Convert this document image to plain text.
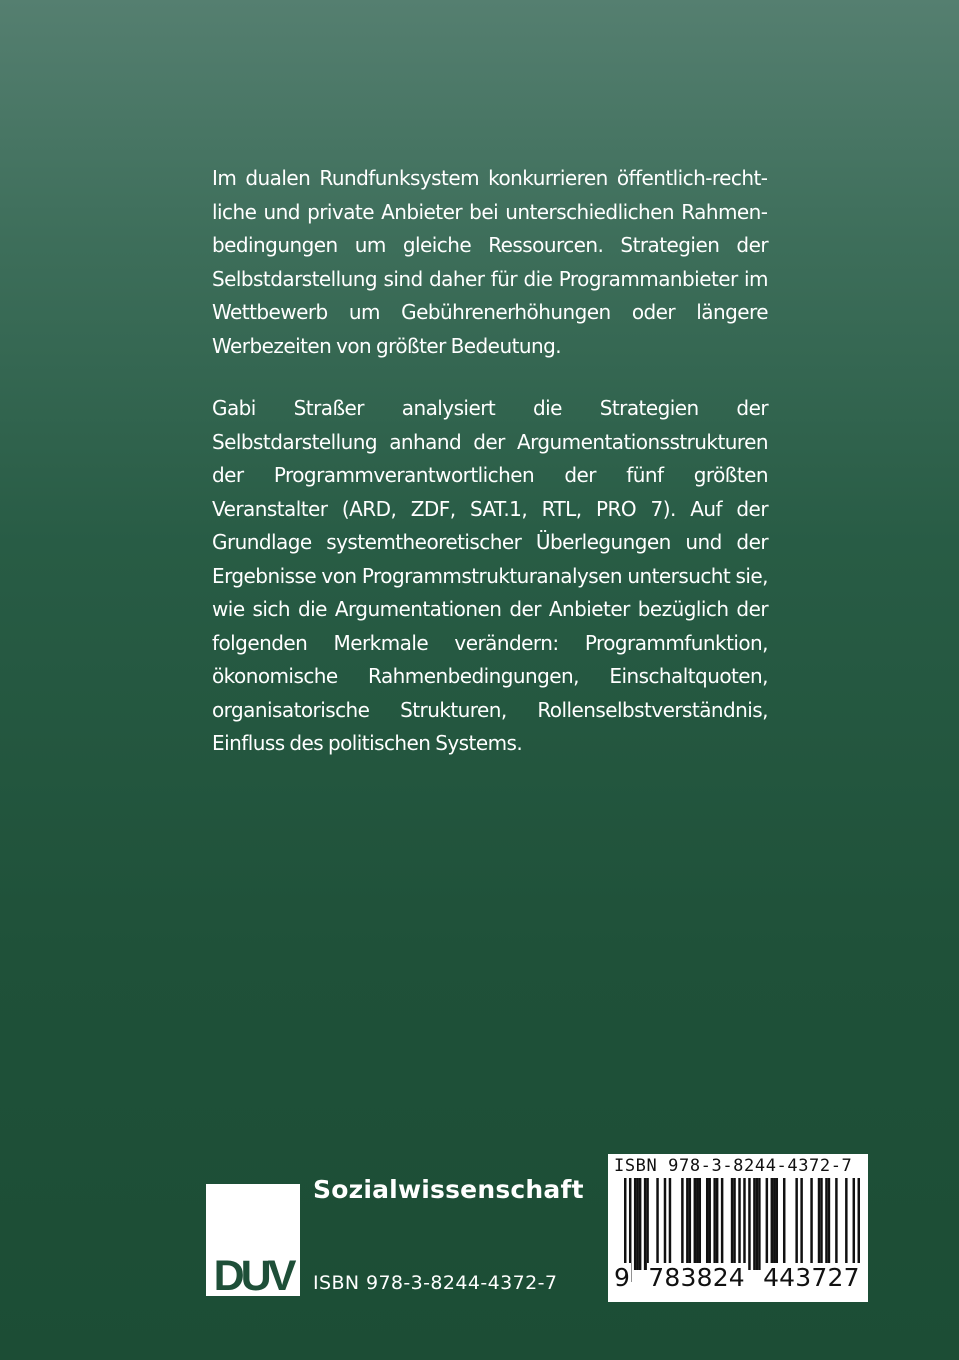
Im dualen Rundfunksystem konkurrieren öffentlich-rechtliche und private Anbieter bei unterschiedlichen Rahmenbedingungen um gleiche Ressourcen. Strategien der Selbstdarstellung sind daher für die Programmanbieter im Wettbewerb um Gebührenerhöhungen oder längere Werbezeiten von größter Bedeutung.

Gabi Straßer analysiert die Strategien der Selbstdarstellung anhand der Argumentationsstrukturen der Programmverantwortlichen der fünf größten Veranstalter (ARD, ZDF, SAT.1, RTL, PRO 7). Auf der Grundlage systemtheoretischer Überlegungen und der Ergebnisse von Programmstrukturanalysen untersucht sie, wie sich die Argumentationen der Anbieter bezüglich der folgenden Merkmale verändern: Programmfunktion, ökonomische Rahmenbedingungen, Einschaltquoten, organisatorische Strukturen, Rollenselbstverständnis, Einfluss des politischen Systems.

Sozialwissenschaft
DUV ISBN 978-3-8244-4372-7
ISBN 978-3-8244-4372-7
9 783824 443727
